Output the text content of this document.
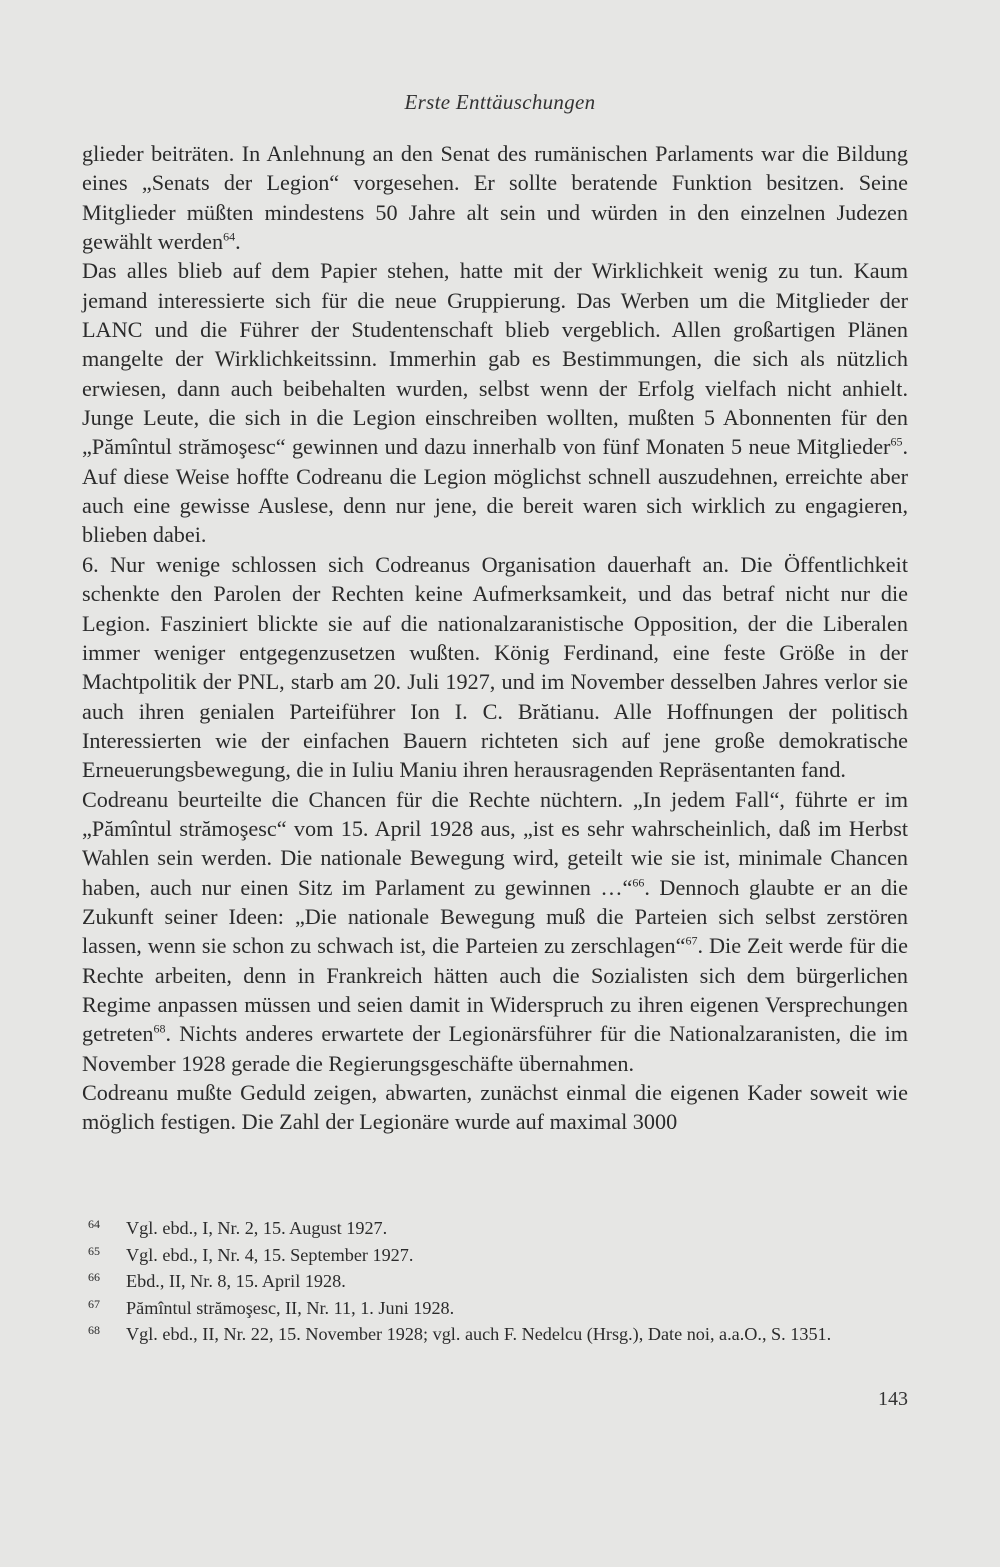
Erste Enttäuschungen

glieder beiträten. In Anlehnung an den Senat des rumänischen Parlaments war die Bildung eines „Senats der Legion“ vorgesehen. Er sollte beratende Funktion besitzen. Seine Mitglieder müßten mindestens 50 Jahre alt sein und würden in den einzelnen Judezen gewählt werden$^{64}$.

Das alles blieb auf dem Papier stehen, hatte mit der Wirklichkeit wenig zu tun. Kaum jemand interessierte sich für die neue Gruppierung. Das Werben um die Mitglieder der LANC und die Führer der Studentenschaft blieb vergeblich. Allen großartigen Plänen mangelte der Wirklichkeitssinn. Immerhin gab es Bestimmungen, die sich als nützlich erwiesen, dann auch beibehalten wurden, selbst wenn der Erfolg vielfach nicht anhielt. Junge Leute, die sich in die Legion einschreiben wollten, mußten 5 Abonnenten für den „Pămîntul strămoşesc“ gewinnen und dazu innerhalb von fünf Monaten 5 neue Mitglieder$^{65}$. Auf diese Weise hoffte Codreanu die Legion möglichst schnell auszudehnen, erreichte aber auch eine gewisse Auslese, denn nur jene, die bereit waren sich wirklich zu engagieren, blieben dabei.

6. Nur wenige schlossen sich Codreanus Organisation dauerhaft an. Die Öffentlichkeit schenkte den Parolen der Rechten keine Aufmerksamkeit, und das betraf nicht nur die Legion. Fasziniert blickte sie auf die nationalzaranistische Opposition, der die Liberalen immer weniger entgegenzusetzen wußten. König Ferdinand, eine feste Größe in der Machtpolitik der PNL, starb am 20. Juli 1927, und im November desselben Jahres verlor sie auch ihren genialen Parteiführer Ion I. C. Brătianu. Alle Hoffnungen der politisch Interessierten wie der einfachen Bauern richteten sich auf jene große demokratische Erneuerungsbewegung, die in Iuliu Maniu ihren herausragenden Repräsentanten fand.

Codreanu beurteilte die Chancen für die Rechte nüchtern. „In jedem Fall“, führte er im „Pămîntul strămoşesc“ vom 15. April 1928 aus, „ist es sehr wahrscheinlich, daß im Herbst Wahlen sein werden. Die nationale Bewegung wird, geteilt wie sie ist, minimale Chancen haben, auch nur einen Sitz im Parlament zu gewinnen …“$^{66}$. Dennoch glaubte er an die Zukunft seiner Ideen: „Die nationale Bewegung muß die Parteien sich selbst zerstören lassen, wenn sie schon zu schwach ist, die Parteien zu zerschlagen“$^{67}$. Die Zeit werde für die Rechte arbeiten, denn in Frankreich hätten auch die Sozialisten sich dem bürgerlichen Regime anpassen müssen und seien damit in Widerspruch zu ihren eigenen Versprechungen getreten$^{68}$. Nichts anderes erwartete der Legionärsführer für die Nationalzaranisten, die im November 1928 gerade die Regierungsgeschäfte übernahmen.

Codreanu mußte Geduld zeigen, abwarten, zunächst einmal die eigenen Kader soweit wie möglich festigen. Die Zahl der Legionäre wurde auf maximal 3000

64	Vgl. ebd., I, Nr. 2, 15. August 1927.
65	Vgl. ebd., I, Nr. 4, 15. September 1927.
66	Ebd., II, Nr. 8, 15. April 1928.
67	Pămîntul strămoşesc, II, Nr. 11, 1. Juni 1928.
68	Vgl. ebd., II, Nr. 22, 15. November 1928; vgl. auch F. Nedelcu (Hrsg.), Date noi, a.a.O., S. 1351.
143
